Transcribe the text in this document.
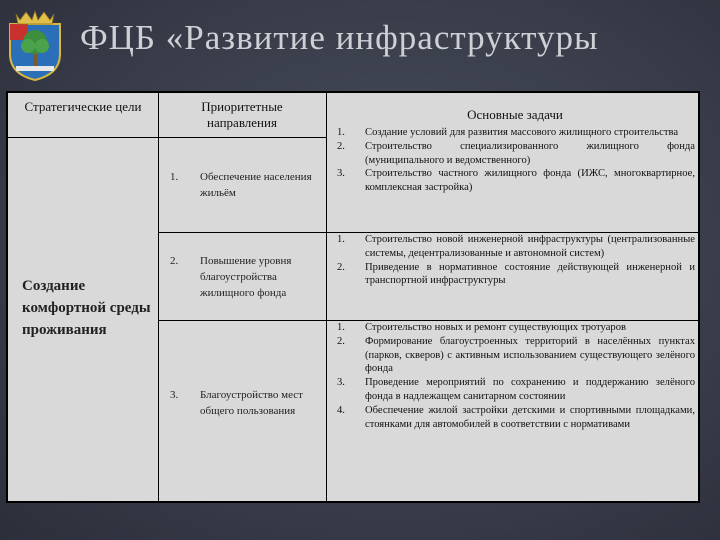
ФЦБ «Развитие инфраструктуры
Стратегические цели	Приоритетные направления
Основные задачи
Создание комфортной среды проживания
1. Обеспечение населения жильём
2. Повышение уровня благоустройства жилищного фонда
3. Благоустройство мест общего пользования
1. Создание условий для развития массового жилищного строительства
2. Строительство специализированного жилищного фонда (муниципального и ведомственного)
3. Строительство частного жилищного фонда (ИЖС, многоквартирное, комплексная застройка)
1. Строительство новой инженерной инфраструктуры (централизованные системы, децентрализованные и автономной систем)
2. Приведение в нормативное состояние действующей инженерной и транспортной инфраструктуры
1. Строительство новых и ремонт существующих тротуаров
2. Формирование благоустроенных территорий в населённых пунктах (парков, скверов) с активным использованием существующего зелёного фонда
3. Проведение мероприятий по сохранению и поддержанию зелёного фонда в надлежащем санитарном состоянии
4. Обеспечение жилой застройки детскими и спортивными площадками, стоянками для автомобилей в соответствии с нормативами
